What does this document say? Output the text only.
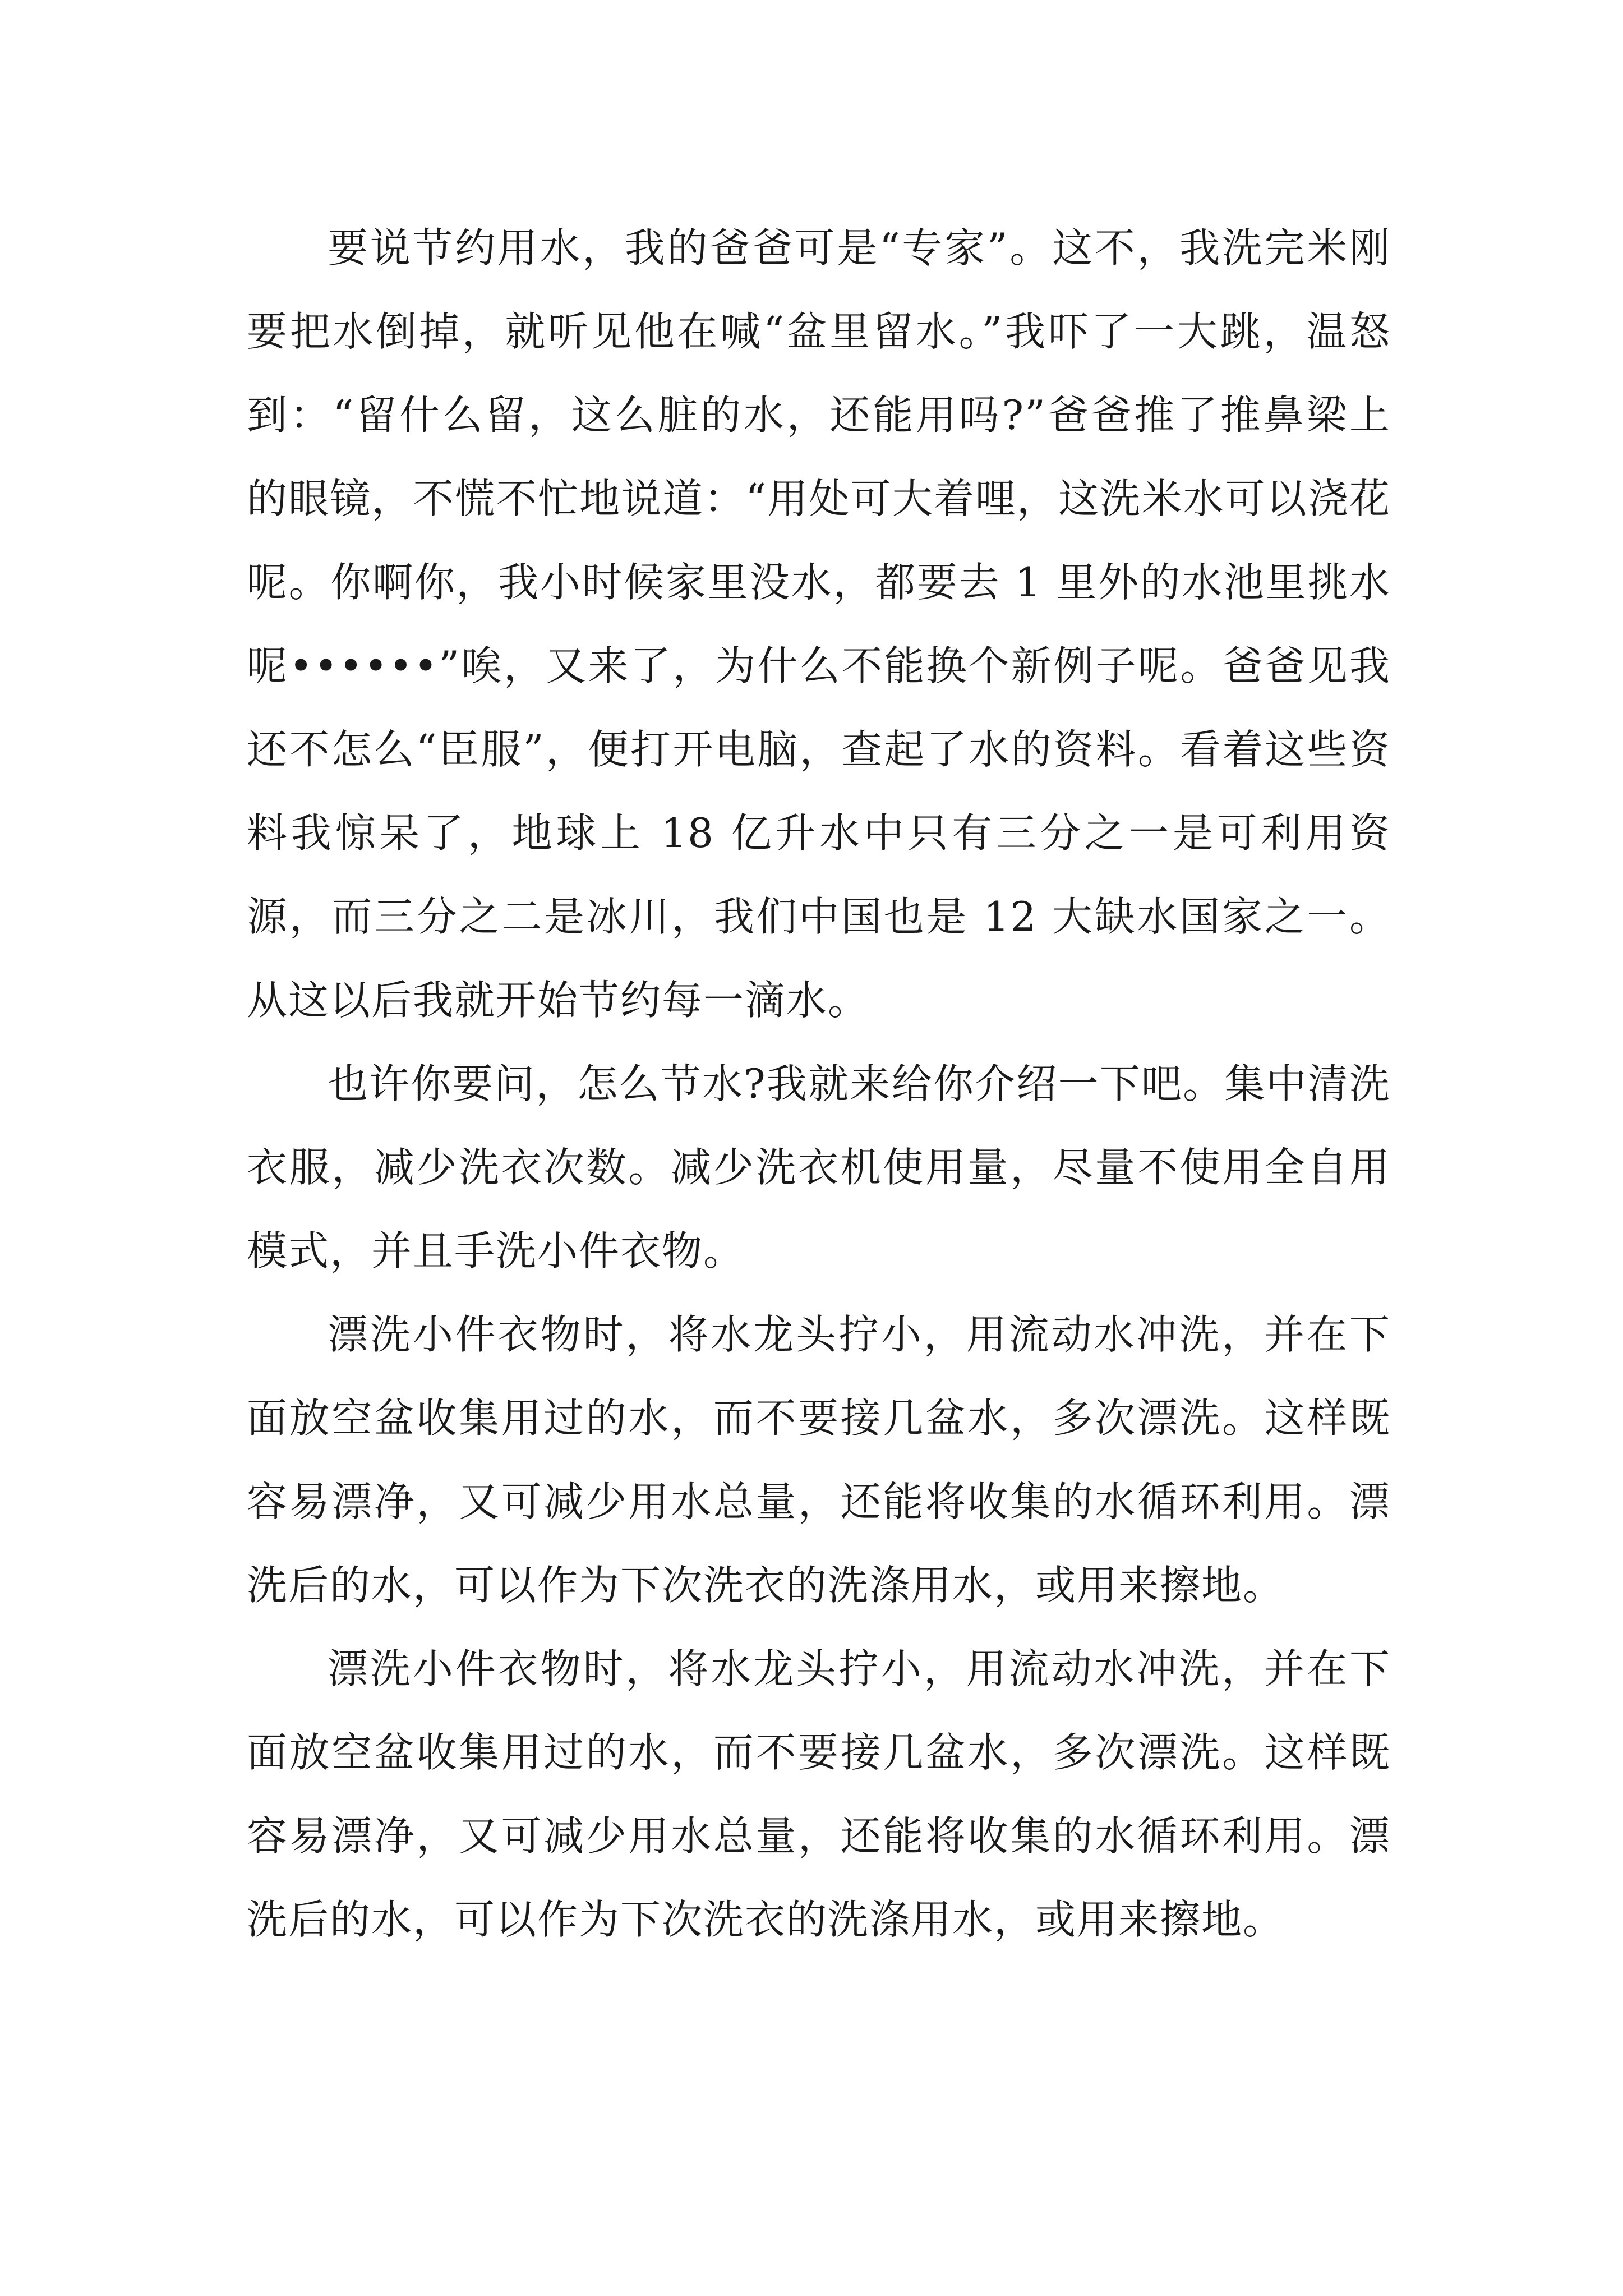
要说节约用水，我的爸爸可是“专家”。这不，我洗完米刚要把水倒掉，就听见他在喊“盆里留水。”我吓了一大跳，温怒到：“留什么留，这么脏的水，还能用吗?”爸爸推了推鼻梁上的眼镜，不慌不忙地说道：“用处可大着哩，这洗米水可以浇花呢。你啊你，我小时候家里没水，都要去 1 里外的水池里挑水呢••••••”唉，又来了，为什么不能换个新例子呢。爸爸见我还不怎么“臣服”，便打开电脑，查起了水的资料。看着这些资料我惊呆了，地球上 18 亿升水中只有三分之一是可利用资源，而三分之二是冰川，我们中国也是 12 大缺水国家之一。从这以后我就开始节约每一滴水。

也许你要问，怎么节水?我就来给你介绍一下吧。集中清洗衣服，减少洗衣次数。减少洗衣机使用量，尽量不使用全自用模式，并且手洗小件衣物。

漂洗小件衣物时，将水龙头拧小，用流动水冲洗，并在下面放空盆收集用过的水，而不要接几盆水，多次漂洗。这样既容易漂净，又可减少用水总量，还能将收集的水循环利用。漂洗后的水，可以作为下次洗衣的洗涤用水，或用来擦地。

漂洗小件衣物时，将水龙头拧小，用流动水冲洗，并在下面放空盆收集用过的水，而不要接几盆水，多次漂洗。这样既容易漂净，又可减少用水总量，还能将收集的水循环利用。漂洗后的水，可以作为下次洗衣的洗涤用水，或用来擦地。
